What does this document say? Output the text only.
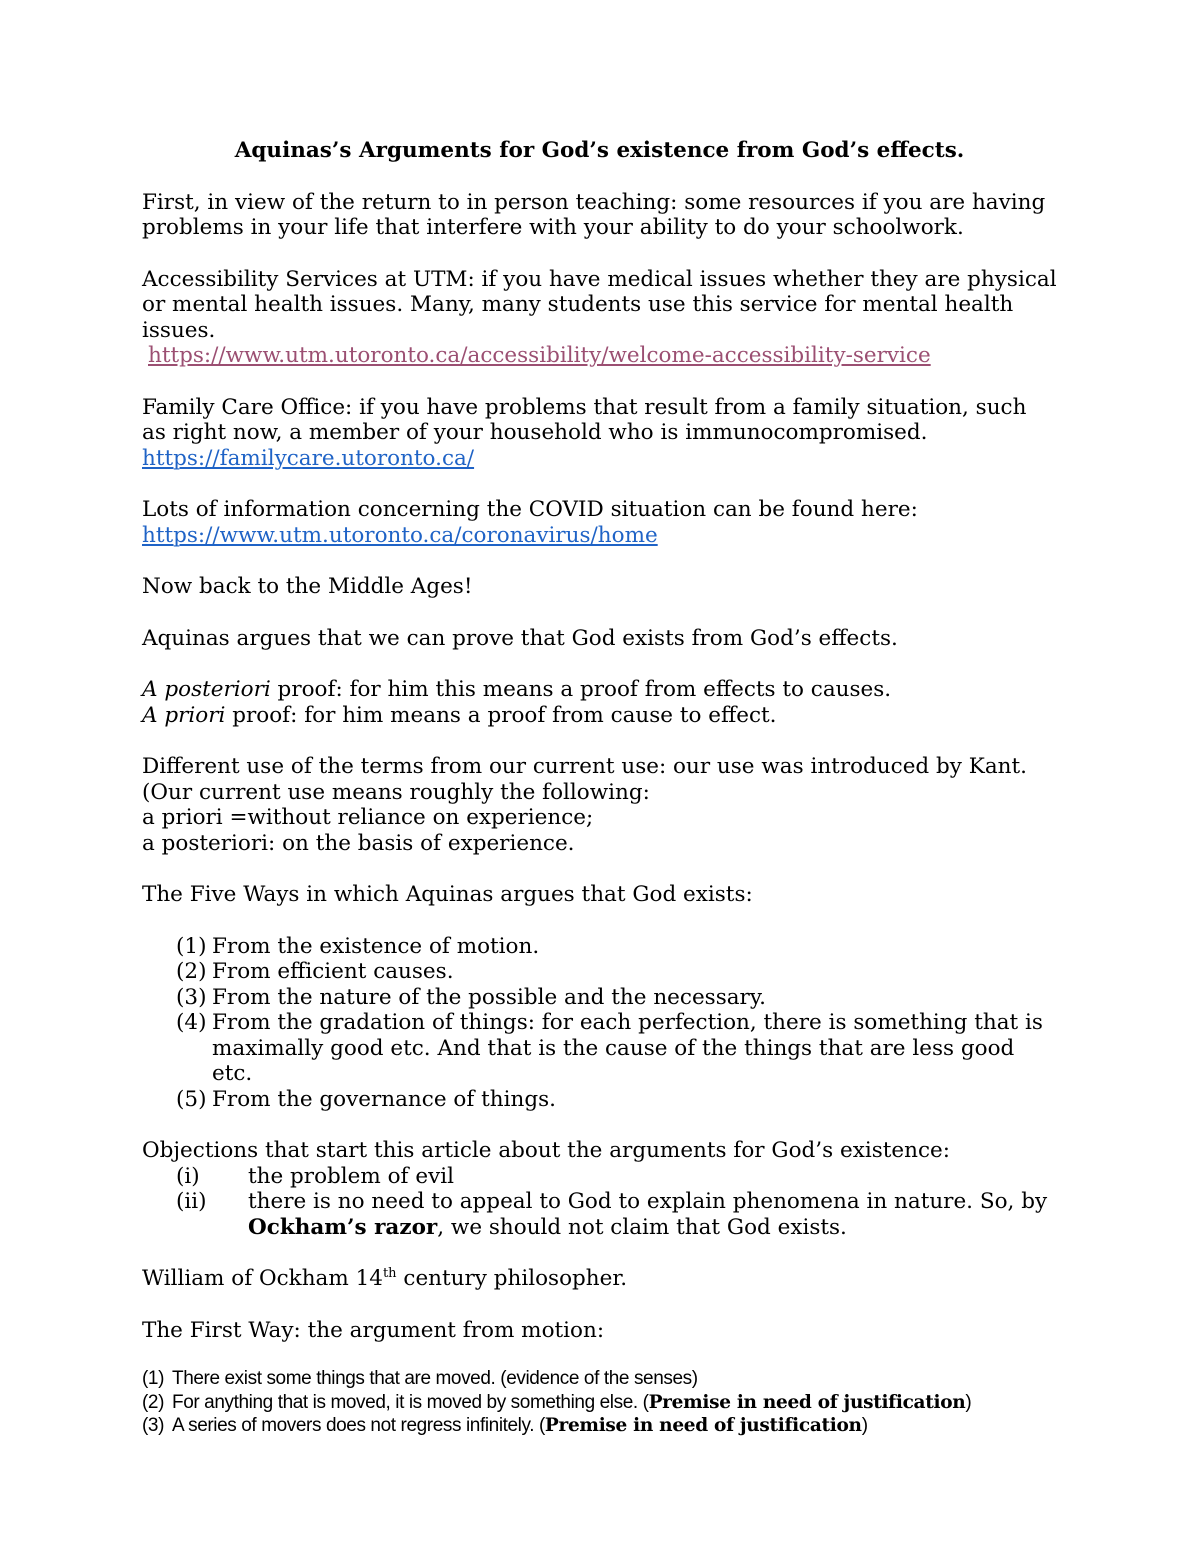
Aquinas’s Arguments for God’s existence from God’s effects.

First, in view of the return to in person teaching: some resources if you are having problems in your life that interfere with your ability to do your schoolwork.

Accessibility Services at UTM: if you have medical issues whether they are physical or mental health issues. Many, many students use this service for mental health issues.

https://www.utm.utoronto.ca/accessibility/welcome-accessibility-service

Family Care Office: if you have problems that result from a family situation, such as right now, a member of your household who is immunocompromised.

https://familycare.utoronto.ca/

Lots of information concerning the COVID situation can be found here:

https://www.utm.utoronto.ca/coronavirus/home

Now back to the Middle Ages!

Aquinas argues that we can prove that God exists from God’s effects.

A posteriori proof: for him this means a proof from effects to causes.

A priori proof: for him means a proof from cause to effect.

Different use of the terms from our current use: our use was introduced by Kant. (Our current use means roughly the following:

a priori =without reliance on experience;

a posteriori: on the basis of experience.

The Five Ways in which Aquinas argues that God exists:

(1) From the existence of motion.
(2) From efficient causes.
(3) From the nature of the possible and the necessary.
(4) From the gradation of things: for each perfection, there is something that is maximally good etc. And that is the cause of the things that are less good etc.
(5) From the governance of things.

Objections that start this article about the arguments for God’s existence:

(i)	the problem of evil
(ii)	there is no need to appeal to God to explain phenomena in nature. So, by Ockham’s razor, we should not claim that God exists.

William of Ockham 14th century philosopher.

The First Way: the argument from motion:

(1) There exist some things that are moved. (evidence of the senses)
(2) For anything that is moved, it is moved by something else. (Premise in need of justification)
(3) A series of movers does not regress infinitely. (Premise in need of justification)
